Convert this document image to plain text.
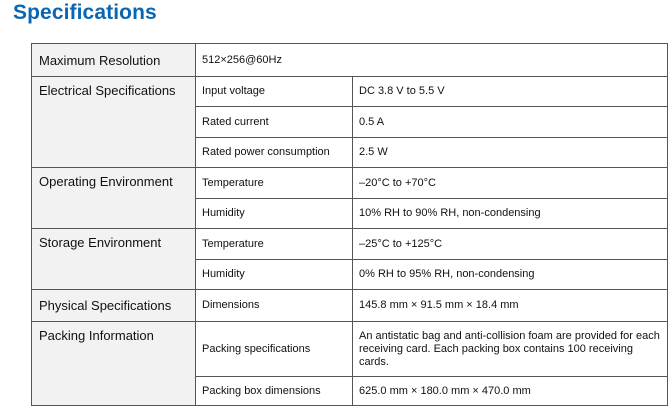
Specifications
Maximum Resolution	512×256@60Hz	
Electrical Specifications	Input voltage	DC 3.8 V to 5.5 V
	Rated current	0.5 A
	Rated power consumption	2.5 W
Operating Environment	Temperature	–20°C to +70°C
	Humidity	10% RH to 90% RH, non-condensing
Storage Environment	Temperature	–25°C to +125°C
	Humidity	0% RH to 95% RH, non-condensing
Physical Specifications	Dimensions	145.8 mm × 91.5 mm × 18.4 mm
Packing Information	Packing specifications	An antistatic bag and anti-collision foam are provided for each receiving card. Each packing box contains 100 receiving cards.
	Packing box dimensions	625.0 mm × 180.0 mm × 470.0 mm
